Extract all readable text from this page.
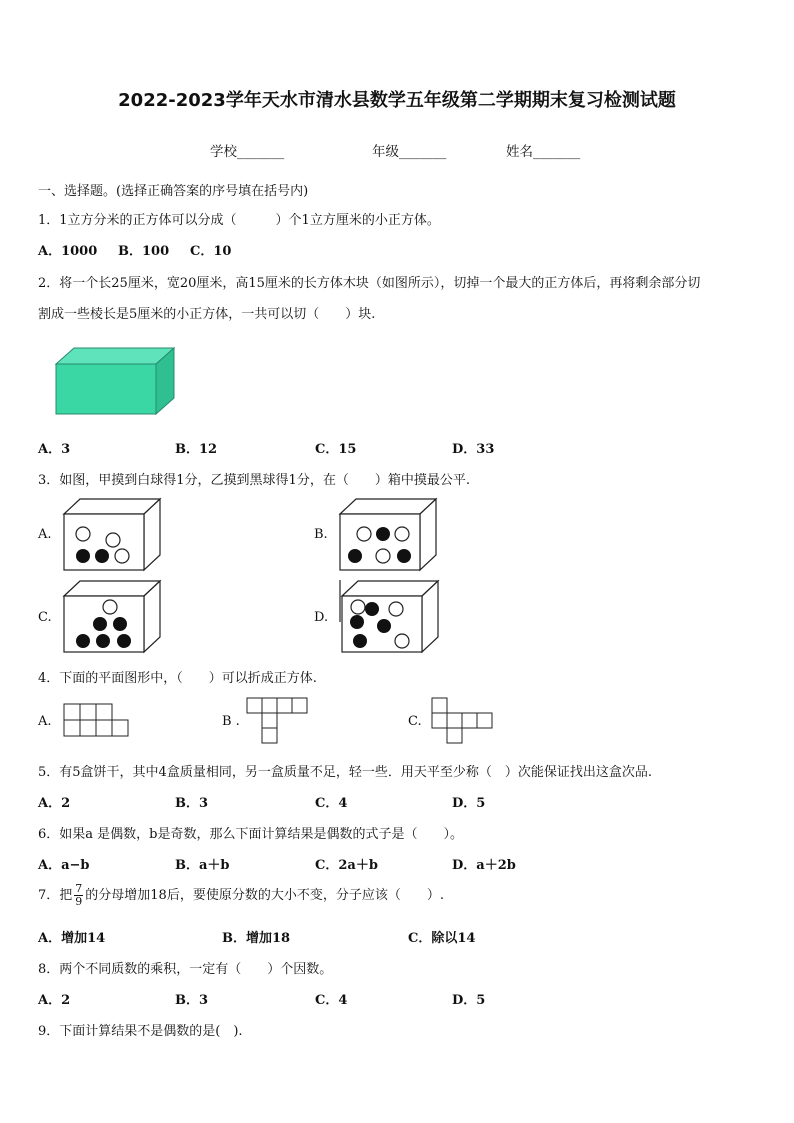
2022-2023学年天水市清水县数学五年级第二学期期末复习检测试题
学校_______	年级_______	姓名_______
一、选择题。(选择正确答案的序号填在括号内)
1．1立方分米的正方体可以分成（　　　）个1立方厘米的小正方体。
A．1000 B．100 C．10
2．将一个长25厘米，宽20厘米，高15厘米的长方体木块（如图所示），切掉一个最大的正方体后，再将剩余部分切
割成一些棱长是5厘米的小正方体，一共可以切（　　）块.
A．3	B．12	C．15	D．33
3．如图，甲摸到白球得1分，乙摸到黑球得1分，在（　　）箱中摸最公平.
A.	B.
C.	D.
4．下面的平面图形中，（　　）可以折成正方体.
A.	B .	C.
5．有5盒饼干，其中4盒质量相同，另一盒质量不足，轻一些．用天平至少称（　）次能保证找出这盒次品.
A．2	B．3	C．4	D．5
6．如果a 是偶数，b是奇数，那么下面计算结果是偶数的式子是（　　）。
A．a−b	B．a＋b	C．2a＋b	D．a＋2b
7．把 $\frac{7}{9}$ 的分母增加18后，要使原分数的大小不变，分子应该（　　）.
A．增加14	B．增加18	C．除以14
8．两个不同质数的乘积，一定有（　　）个因数。
A．2	B．3	C．4	D．5
9．下面计算结果不是偶数的是(　).
